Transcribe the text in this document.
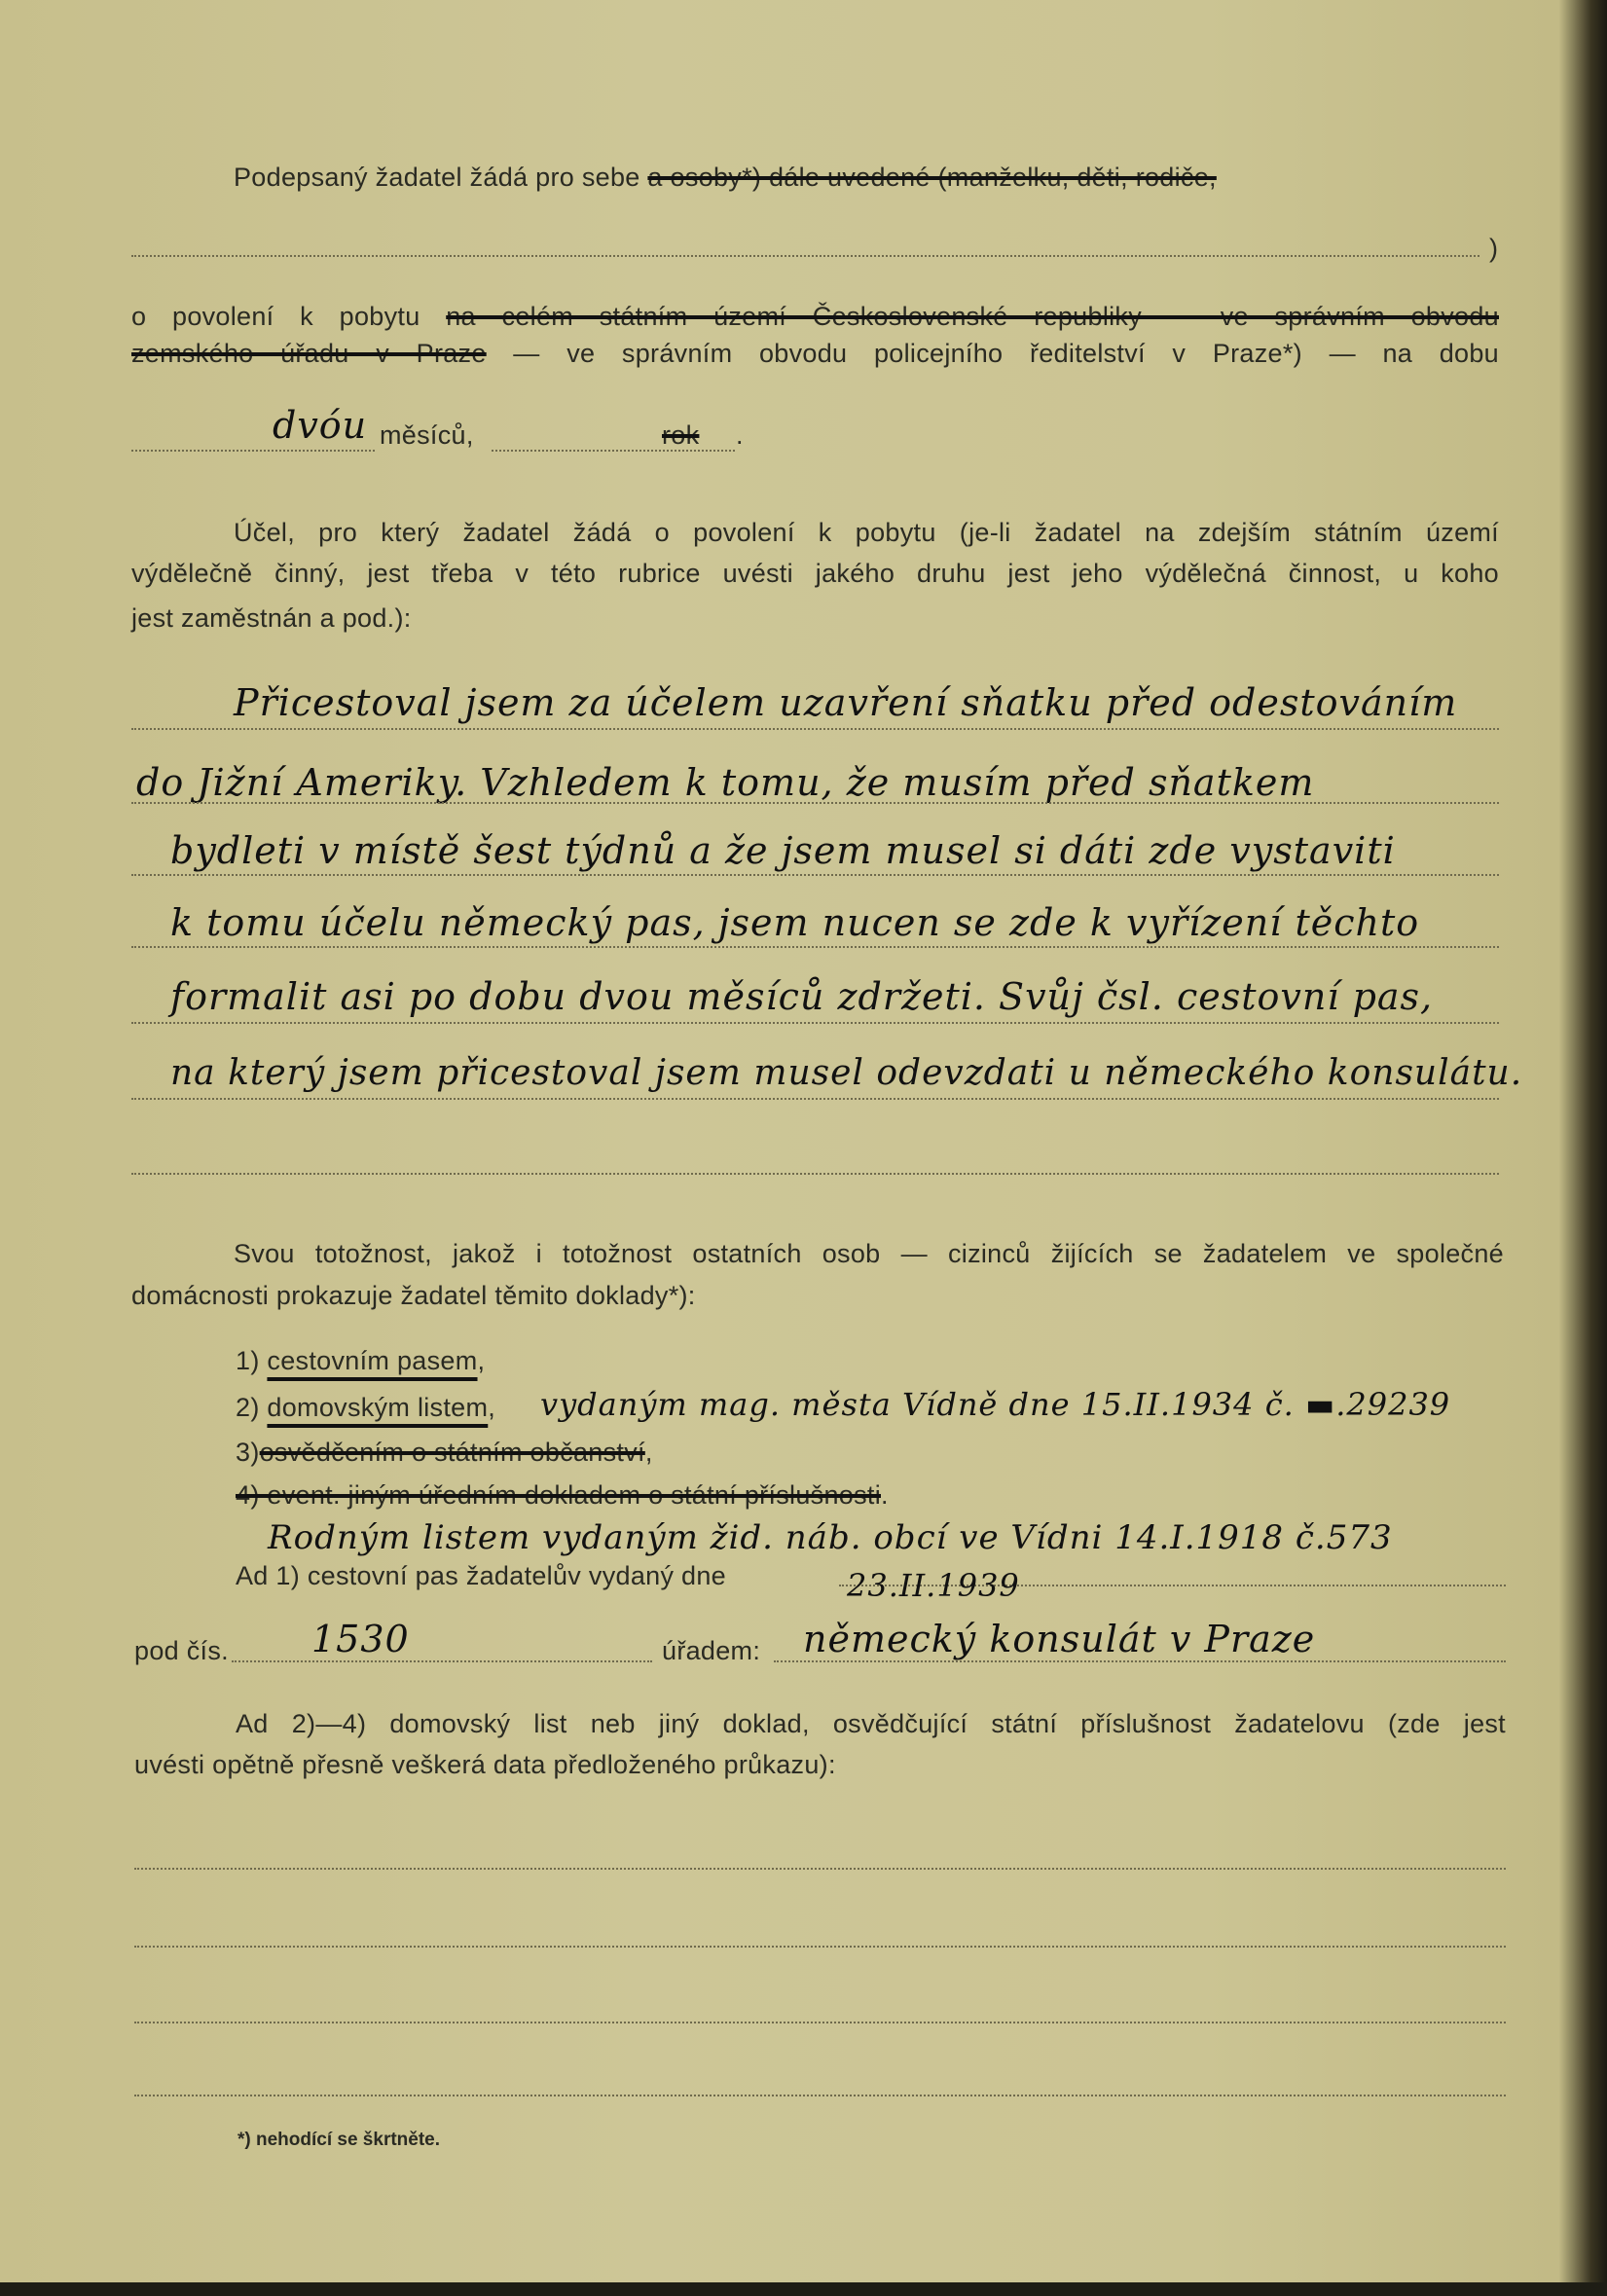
Podepsaný žadatel žádá pro sebe a osoby*) dále uvedené (manželku, děti, rodiče,
)
o povolení k pobytu na celém státním území Československé republiky — ve správním obvodu
zemského úřadu v Praze — ve správním obvodu policejního ředitelství v Praze*) — na dobu
dvóu měsíců,	rok .
Účel, pro který žadatel žádá o povolení k pobytu (je-li žadatel na zdejším státním území
výdělečně činný, jest třeba v této rubrice uvésti jakého druhu jest jeho výdělečná činnost, u koho
jest zaměstnán a pod.):
Přicestoval jsem za účelem uzavření sňatku před odestováním
do Jižní Ameriky. Vzhledem k tomu, že musím před sňatkem
bydleti v místě šest týdnů a že jsem musel si dáti zde vystaviti
k tomu účelu německý pas, jsem nucen se zde k vyřízení těchto
formalit asi po dobu dvou měsíců zdržeti. Svůj čsl. cestovní pas,
na který jsem přicestoval jsem musel odevzdati u německého konsulátu.
Svou totožnost, jakož i totožnost ostatních osob — cizinců žijících se žadatelem ve společné
domácnosti prokazuje žadatel těmito doklady*):
1) cestovním pasem,
2) domovským listem, vydaným mag. města Vídně dne 15.II.1934 č. ▬.29239
3)osvědčením o státním občanství,
4) event. jiným úředním dokladem o státní příslušnosti.
Rodným listem vydaným žid. náb. obcí ve Vídni 14.I.1918 č.573
Ad 1) cestovní pas žadatelův vydaný dne	23.II.1939
pod čís. 1530	úřadem: německý konsulát v Praze
Ad 2)—4) domovský list neb jiný doklad, osvědčující státní příslušnost žadatelovu (zde jest
uvésti opětně přesně veškerá data předloženého průkazu):
*) nehodící se škrtněte.
